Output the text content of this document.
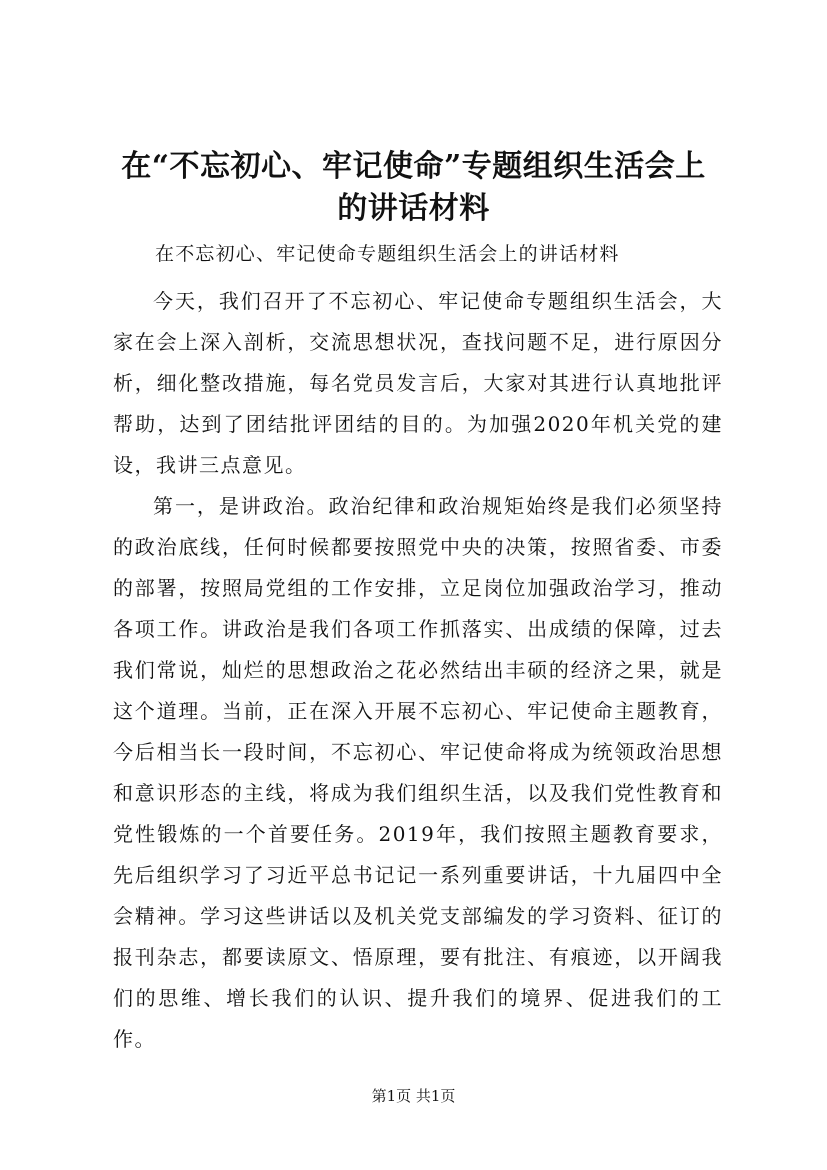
在“不忘初心、牢记使命”专题组织生活会上
的讲话材料

在不忘初心、牢记使命专题组织生活会上的讲话材料

今天，我们召开了不忘初心、牢记使命专题组织生活会，大家在会上深入剖析，交流思想状况，查找问题不足，进行原因分析，细化整改措施，每名党员发言后，大家对其进行认真地批评帮助，达到了团结批评团结的目的。为加强2020年机关党的建设，我讲三点意见。

第一，是讲政治。政治纪律和政治规矩始终是我们必须坚持的政治底线，任何时候都要按照党中央的决策，按照省委、市委的部署，按照局党组的工作安排，立足岗位加强政治学习，推动各项工作。讲政治是我们各项工作抓落实、出成绩的保障，过去我们常说，灿烂的思想政治之花必然结出丰硕的经济之果，就是这个道理。当前，正在深入开展不忘初心、牢记使命主题教育，今后相当长一段时间，不忘初心、牢记使命将成为统领政治思想和意识形态的主线，将成为我们组织生活，以及我们党性教育和党性锻炼的一个首要任务。2019年，我们按照主题教育要求，先后组织学习了习近平总书记记一系列重要讲话，十九届四中全会精神。学习这些讲话以及机关党支部编发的学习资料、征订的报刊杂志，都要读原文、悟原理，要有批注、有痕迹，以开阔我们的思维、增长我们的认识、提升我们的境界、促进我们的工作。

第1页 共1页
